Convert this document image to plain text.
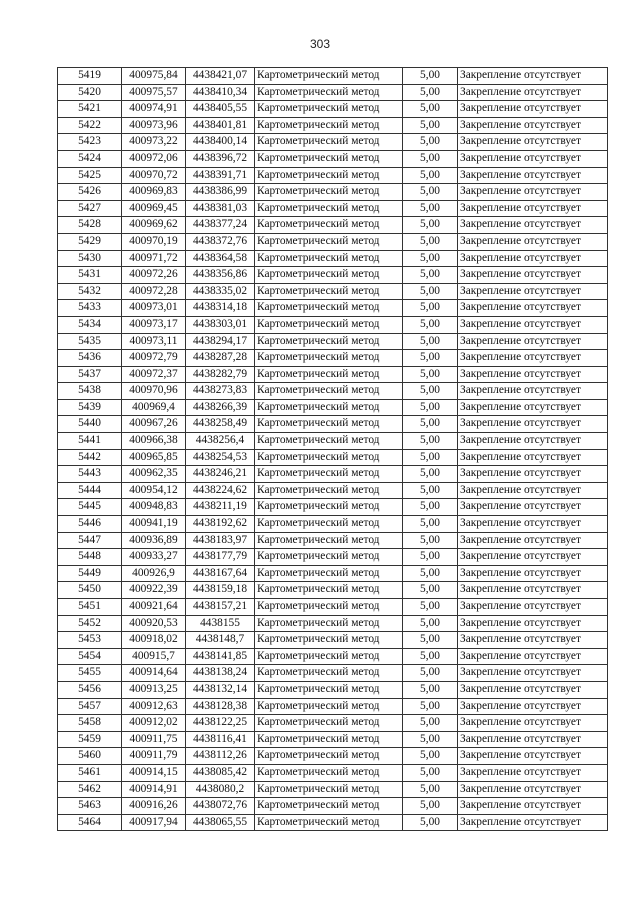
303
5419	400975,84	4438421,07	Картометрический метод	5,00	Закрепление отсутствует
5420	400975,57	4438410,34	Картометрический метод	5,00	Закрепление отсутствует
5421	400974,91	4438405,55	Картометрический метод	5,00	Закрепление отсутствует
5422	400973,96	4438401,81	Картометрический метод	5,00	Закрепление отсутствует
5423	400973,22	4438400,14	Картометрический метод	5,00	Закрепление отсутствует
5424	400972,06	4438396,72	Картометрический метод	5,00	Закрепление отсутствует
5425	400970,72	4438391,71	Картометрический метод	5,00	Закрепление отсутствует
5426	400969,83	4438386,99	Картометрический метод	5,00	Закрепление отсутствует
5427	400969,45	4438381,03	Картометрический метод	5,00	Закрепление отсутствует
5428	400969,62	4438377,24	Картометрический метод	5,00	Закрепление отсутствует
5429	400970,19	4438372,76	Картометрический метод	5,00	Закрепление отсутствует
5430	400971,72	4438364,58	Картометрический метод	5,00	Закрепление отсутствует
5431	400972,26	4438356,86	Картометрический метод	5,00	Закрепление отсутствует
5432	400972,28	4438335,02	Картометрический метод	5,00	Закрепление отсутствует
5433	400973,01	4438314,18	Картометрический метод	5,00	Закрепление отсутствует
5434	400973,17	4438303,01	Картометрический метод	5,00	Закрепление отсутствует
5435	400973,11	4438294,17	Картометрический метод	5,00	Закрепление отсутствует
5436	400972,79	4438287,28	Картометрический метод	5,00	Закрепление отсутствует
5437	400972,37	4438282,79	Картометрический метод	5,00	Закрепление отсутствует
5438	400970,96	4438273,83	Картометрический метод	5,00	Закрепление отсутствует
5439	400969,4	4438266,39	Картометрический метод	5,00	Закрепление отсутствует
5440	400967,26	4438258,49	Картометрический метод	5,00	Закрепление отсутствует
5441	400966,38	4438256,4	Картометрический метод	5,00	Закрепление отсутствует
5442	400965,85	4438254,53	Картометрический метод	5,00	Закрепление отсутствует
5443	400962,35	4438246,21	Картометрический метод	5,00	Закрепление отсутствует
5444	400954,12	4438224,62	Картометрический метод	5,00	Закрепление отсутствует
5445	400948,83	4438211,19	Картометрический метод	5,00	Закрепление отсутствует
5446	400941,19	4438192,62	Картометрический метод	5,00	Закрепление отсутствует
5447	400936,89	4438183,97	Картометрический метод	5,00	Закрепление отсутствует
5448	400933,27	4438177,79	Картометрический метод	5,00	Закрепление отсутствует
5449	400926,9	4438167,64	Картометрический метод	5,00	Закрепление отсутствует
5450	400922,39	4438159,18	Картометрический метод	5,00	Закрепление отсутствует
5451	400921,64	4438157,21	Картометрический метод	5,00	Закрепление отсутствует
5452	400920,53	4438155	Картометрический метод	5,00	Закрепление отсутствует
5453	400918,02	4438148,7	Картометрический метод	5,00	Закрепление отсутствует
5454	400915,7	4438141,85	Картометрический метод	5,00	Закрепление отсутствует
5455	400914,64	4438138,24	Картометрический метод	5,00	Закрепление отсутствует
5456	400913,25	4438132,14	Картометрический метод	5,00	Закрепление отсутствует
5457	400912,63	4438128,38	Картометрический метод	5,00	Закрепление отсутствует
5458	400912,02	4438122,25	Картометрический метод	5,00	Закрепление отсутствует
5459	400911,75	4438116,41	Картометрический метод	5,00	Закрепление отсутствует
5460	400911,79	4438112,26	Картометрический метод	5,00	Закрепление отсутствует
5461	400914,15	4438085,42	Картометрический метод	5,00	Закрепление отсутствует
5462	400914,91	4438080,2	Картометрический метод	5,00	Закрепление отсутствует
5463	400916,26	4438072,76	Картометрический метод	5,00	Закрепление отсутствует
5464	400917,94	4438065,55	Картометрический метод	5,00	Закрепление отсутствует
